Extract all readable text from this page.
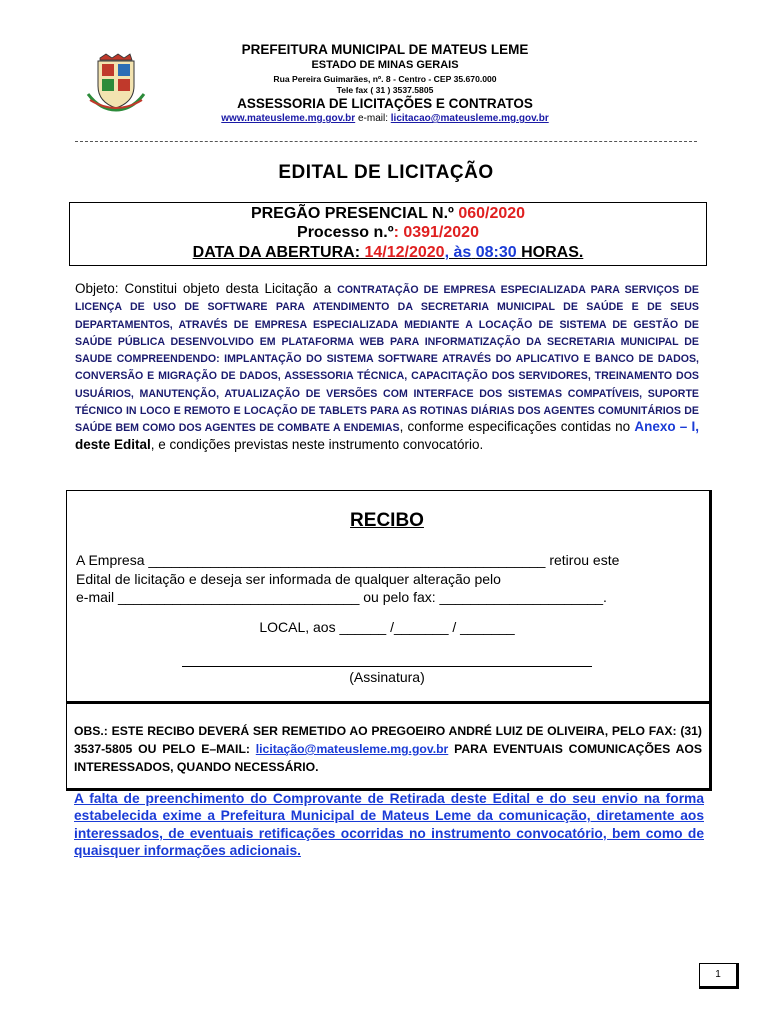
PREFEITURA MUNICIPAL DE MATEUS LEME
ESTADO DE MINAS GERAIS
Rua Pereira Guimarães, nº. 8 - Centro - CEP 35.670.000
Tele fax ( 31 ) 3537.5805
ASSESSORIA DE LICITAÇÕES E CONTRATOS
www.mateusleme.mg.gov.br e-mail: licitacao@mateusleme.mg.gov.br
EDITAL DE LICITAÇÃO
PREGÃO PRESENCIAL N.º 060/2020
Processo n.º: 0391/2020
DATA DA ABERTURA: 14/12/2020, às 08:30 HORAS.
Objeto: Constitui objeto desta Licitação a CONTRATAÇÃO DE EMPRESA ESPECIALIZADA PARA SERVIÇOS DE LICENÇA DE USO DE SOFTWARE PARA ATENDIMENTO DA SECRETARIA MUNICIPAL DE SAÚDE E DE SEUS DEPARTAMENTOS, ATRAVÉS DE EMPRESA ESPECIALIZADA MEDIANTE A LOCAÇÃO DE SISTEMA DE GESTÃO DE SAÚDE PÚBLICA DESENVOLVIDO EM PLATAFORMA WEB PARA INFORMATIZAÇÃO DA SECRETARIA MUNICIPAL DE SAUDE COMPREENDENDO: IMPLANTAÇÃO DO SISTEMA SOFTWARE ATRAVÉS DO APLICATIVO E BANCO DE DADOS, CONVERSÃO E MIGRAÇÃO DE DADOS, ASSESSORIA TÉCNICA, CAPACITAÇÃO DOS SERVIDORES, TREINAMENTO DOS USUÁRIOS, MANUTENÇÃO, ATUALIZAÇÃO DE VERSÕES COM INTERFACE DOS SISTEMAS COMPATÍVEIS, SUPORTE TÉCNICO IN LOCO E REMOTO E LOCAÇÃO DE TABLETS PARA AS ROTINAS DIÁRIAS DOS AGENTES COMUNITÁRIOS DE SAÚDE BEM COMO DOS AGENTES DE COMBATE A ENDEMIAS, conforme especificações contidas no Anexo – I, deste Edital, e condições previstas neste instrumento convocatório.
RECIBO
A Empresa ___________________________________________________ retirou este
Edital de licitação e deseja ser informada de qualquer alteração pelo
e-mail _______________________________ ou pelo fax: _____________________.
LOCAL, aos ______ /_______ / _______
(Assinatura)
OBS.: ESTE RECIBO DEVERÁ SER REMETIDO AO PREGOEIRO ANDRÉ LUIZ DE OLIVEIRA, PELO FAX: (31) 3537-5805 OU PELO E–MAIL: licitação@mateusleme.mg.gov.br PARA EVENTUAIS COMUNICAÇÕES AOS INTERESSADOS, QUANDO NECESSÁRIO.
A falta de preenchimento do Comprovante de Retirada deste Edital e do seu envio na forma estabelecida exime a Prefeitura Municipal de Mateus Leme da comunicação, diretamente aos interessados, de eventuais retificações ocorridas no instrumento convocatório, bem como de quaisquer informações adicionais.
1
